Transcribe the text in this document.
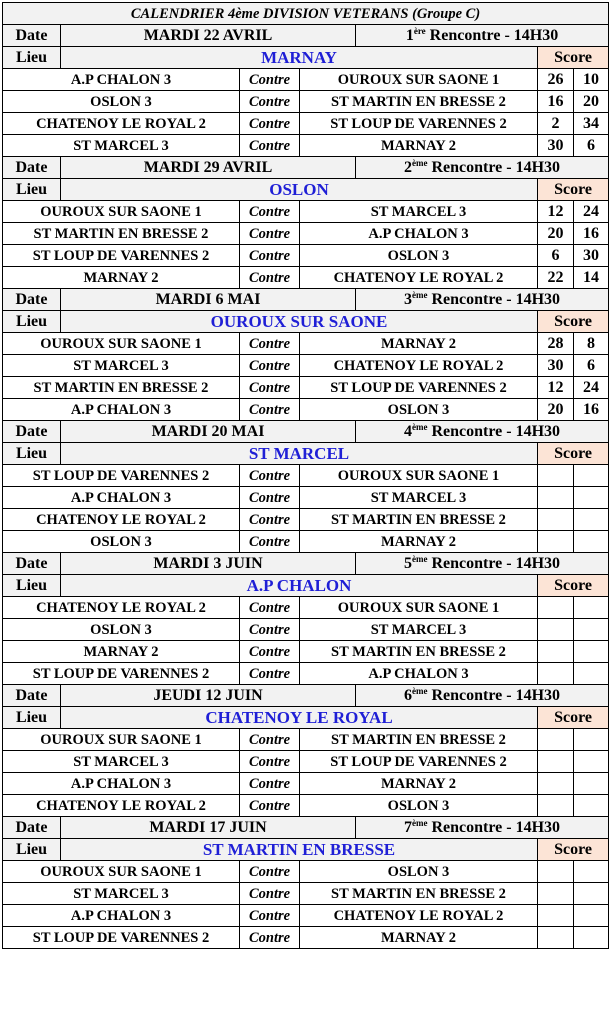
CALENDRIER 4ème DIVISION VETERANS (Groupe C)						
Date	MARDI 22 AVRIL			1ère Rencontre - 14H30		
Lieu	MARNAY				Score	
A.P CHALON 3		Contre	OUROUX SUR SAONE 1		26	10
OSLON 3		Contre	ST MARTIN EN BRESSE 2		16	20
CHATENOY LE ROYAL 2		Contre	ST LOUP DE VARENNES 2		2	34
ST MARCEL 3		Contre	MARNAY 2		30	6
Date	MARDI 29 AVRIL			2ème Rencontre - 14H30		
Lieu	OSLON				Score	
OUROUX SUR SAONE 1		Contre	ST MARCEL 3		12	24
ST MARTIN EN BRESSE 2		Contre	A.P CHALON 3		20	16
ST LOUP DE VARENNES 2		Contre	OSLON 3		6	30
MARNAY 2		Contre	CHATENOY LE ROYAL 2		22	14
Date	MARDI 6 MAI			3ème Rencontre - 14H30		
Lieu	OUROUX SUR SAONE				Score	
OUROUX SUR SAONE 1		Contre	MARNAY 2		28	8
ST MARCEL 3		Contre	CHATENOY LE ROYAL 2		30	6
ST MARTIN EN BRESSE 2		Contre	ST LOUP DE VARENNES 2		12	24
A.P CHALON 3		Contre	OSLON 3		20	16
Date	MARDI 20 MAI			4ème Rencontre - 14H30		
Lieu	ST MARCEL				Score	
ST LOUP DE VARENNES 2		Contre	OUROUX SUR SAONE 1			
A.P CHALON 3		Contre	ST MARCEL 3			
CHATENOY LE ROYAL 2		Contre	ST MARTIN EN BRESSE 2			
OSLON 3		Contre	MARNAY 2			
Date	MARDI 3 JUIN			5ème Rencontre - 14H30		
Lieu	A.P CHALON				Score	
CHATENOY LE ROYAL 2		Contre	OUROUX SUR SAONE 1			
OSLON 3		Contre	ST MARCEL 3			
MARNAY 2		Contre	ST MARTIN EN BRESSE 2			
ST LOUP DE VARENNES 2		Contre	A.P CHALON 3			
Date	JEUDI 12 JUIN			6ème Rencontre - 14H30		
Lieu	CHATENOY LE ROYAL				Score	
OUROUX SUR SAONE 1		Contre	ST MARTIN EN BRESSE 2			
ST MARCEL 3		Contre	ST LOUP DE VARENNES 2			
A.P CHALON 3		Contre	MARNAY 2			
CHATENOY LE ROYAL 2		Contre	OSLON 3			
Date	MARDI 17 JUIN			7ème Rencontre - 14H30		
Lieu	ST MARTIN EN BRESSE				Score	
OUROUX SUR SAONE 1		Contre	OSLON 3			
ST MARCEL 3		Contre	ST MARTIN EN BRESSE 2			
A.P CHALON 3		Contre	CHATENOY LE ROYAL 2			
ST LOUP DE VARENNES 2		Contre	MARNAY 2			
